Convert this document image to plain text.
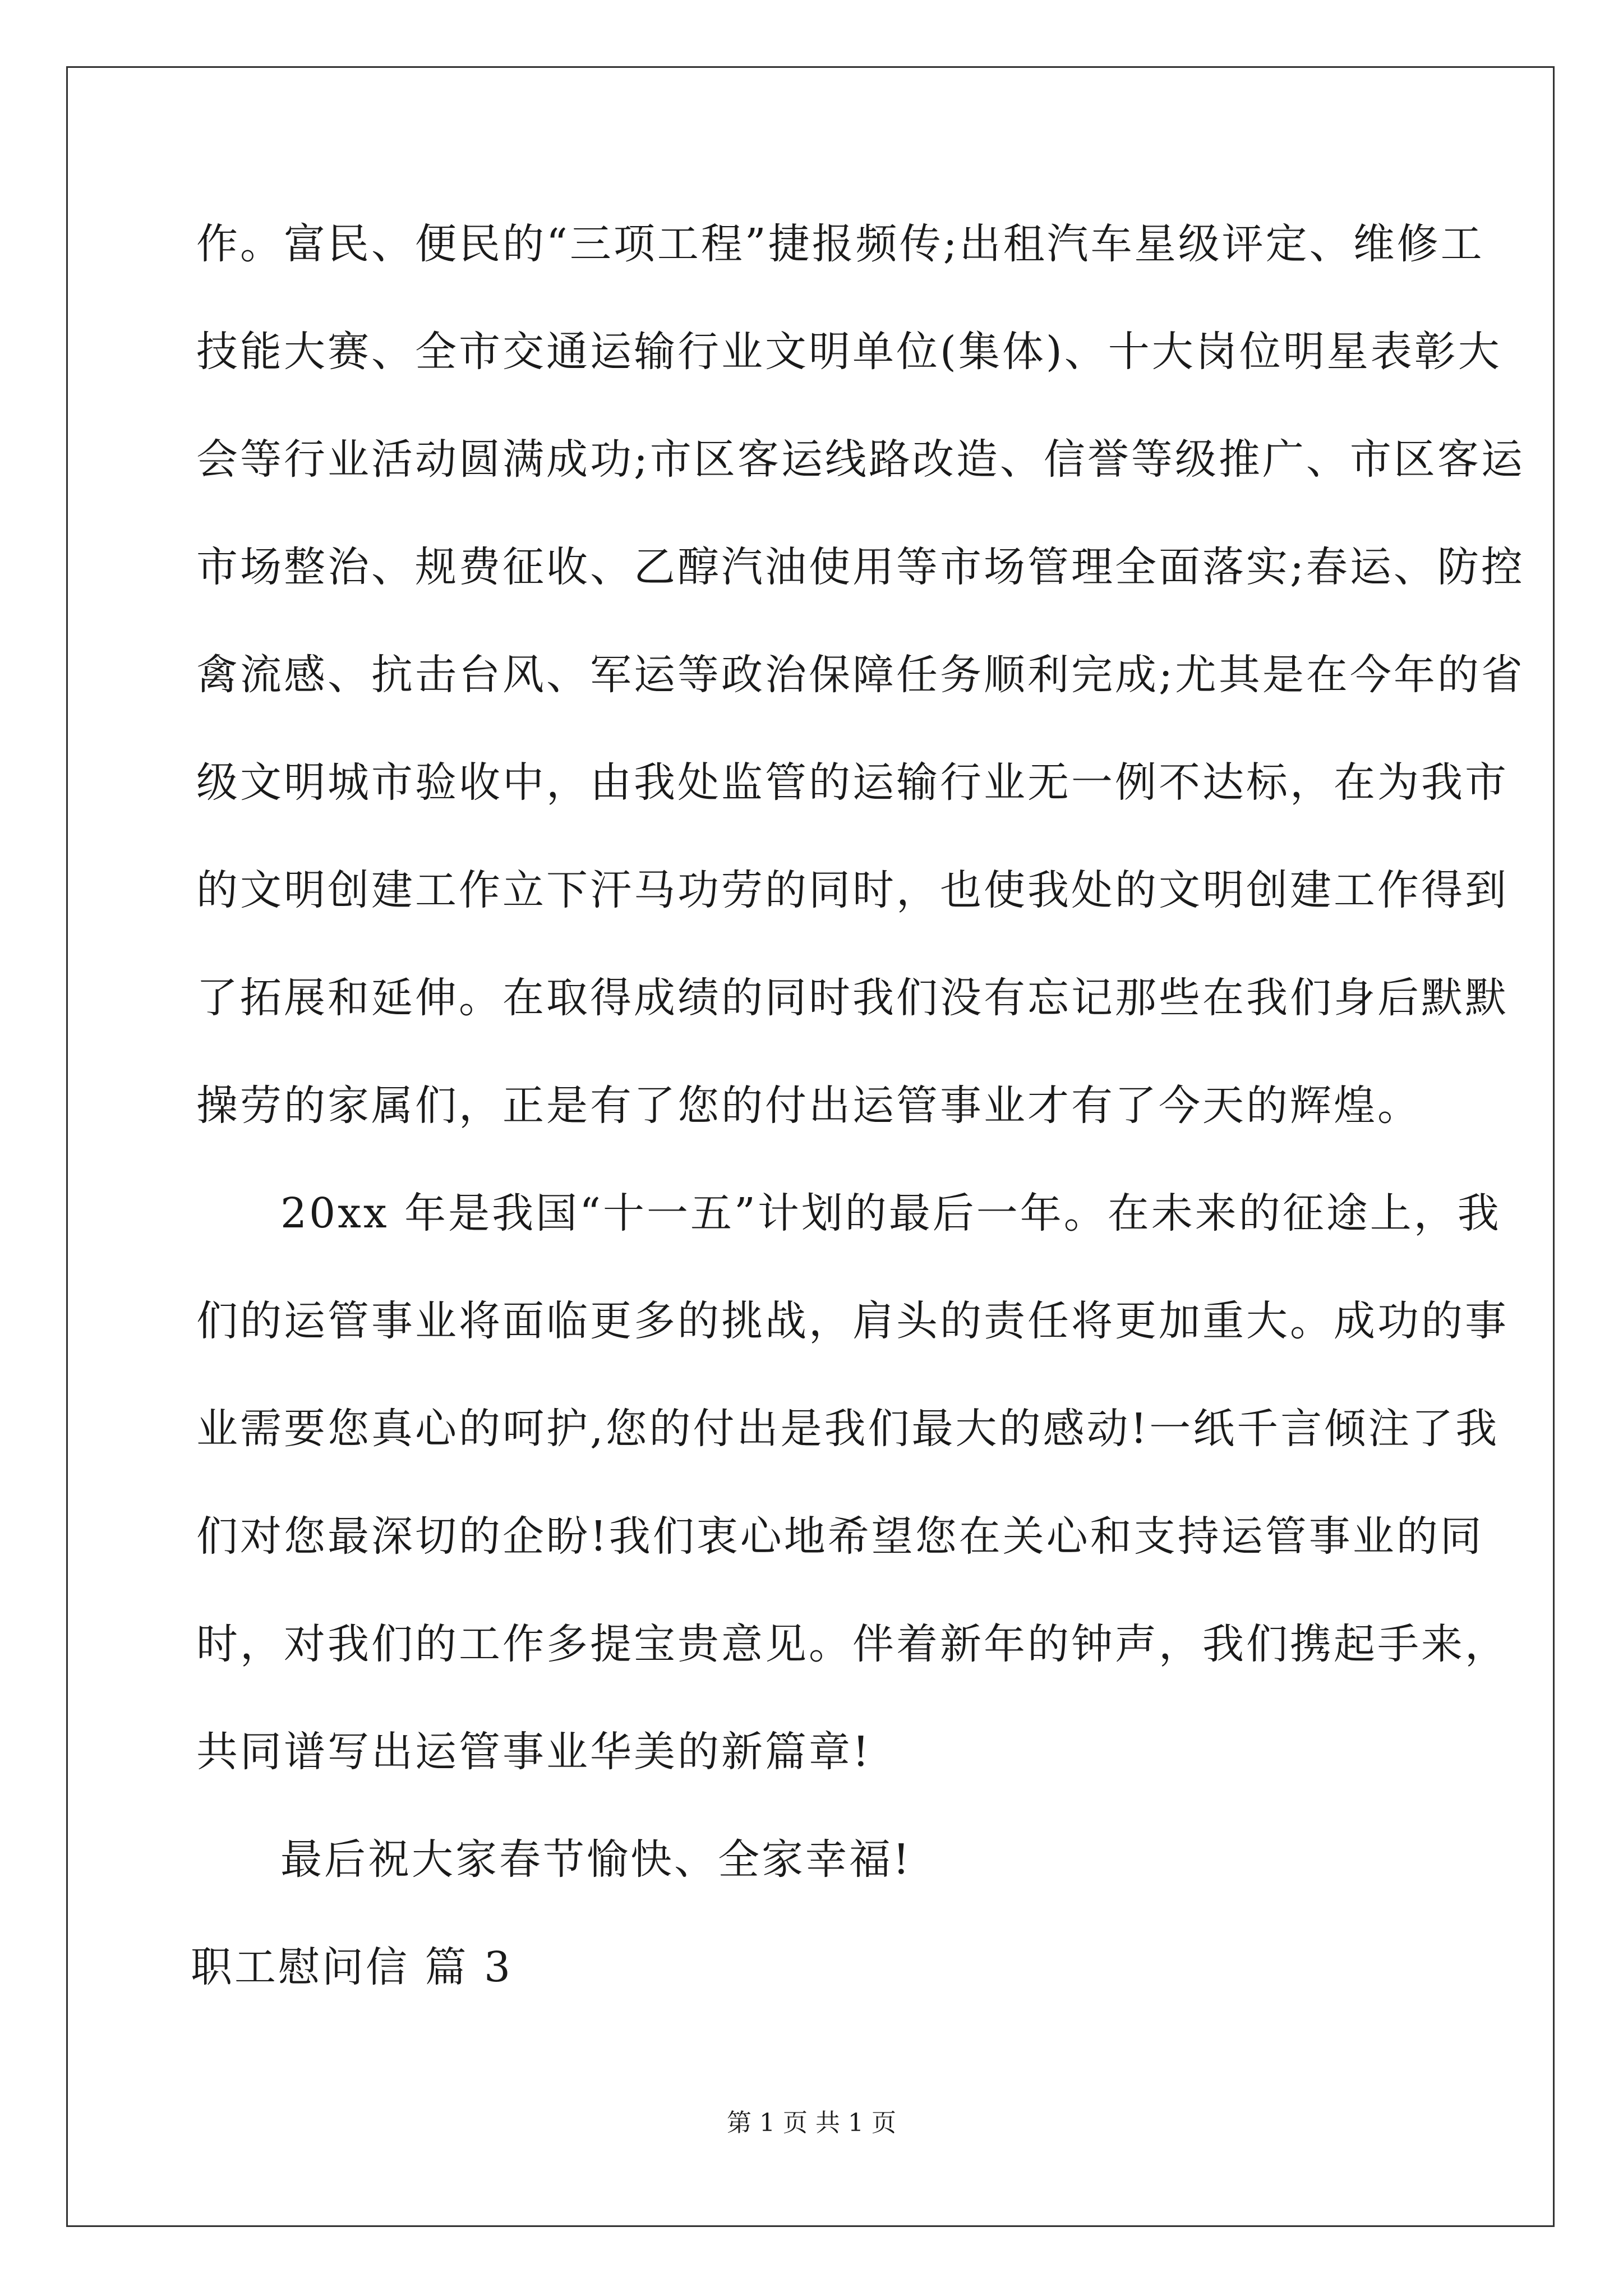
作。富民、便民的“三项工程”捷报频传;出租汽车星级评定、维修工
技能大赛、全市交通运输行业文明单位(集体)、十大岗位明星表彰大
会等行业活动圆满成功;市区客运线路改造、信誉等级推广、市区客运
市场整治、规费征收、乙醇汽油使用等市场管理全面落实;春运、防控
禽流感、抗击台风、军运等政治保障任务顺利完成;尤其是在今年的省
级文明城市验收中，由我处监管的运输行业无一例不达标，在为我市
的文明创建工作立下汗马功劳的同时，也使我处的文明创建工作得到
了拓展和延伸。在取得成绩的同时我们没有忘记那些在我们身后默默
操劳的家属们，正是有了您的付出运管事业才有了今天的辉煌。
20xx 年是我国“十一五”计划的最后一年。在未来的征途上，我
们的运管事业将面临更多的挑战，肩头的责任将更加重大。成功的事
业需要您真心的呵护,您的付出是我们最大的感动!一纸千言倾注了我
们对您最深切的企盼!我们衷心地希望您在关心和支持运管事业的同
时，对我们的工作多提宝贵意见。伴着新年的钟声，我们携起手来，
共同谱写出运管事业华美的新篇章!
最后祝大家春节愉快、全家幸福!
职工慰问信 篇 3
第 1 页 共 1 页
